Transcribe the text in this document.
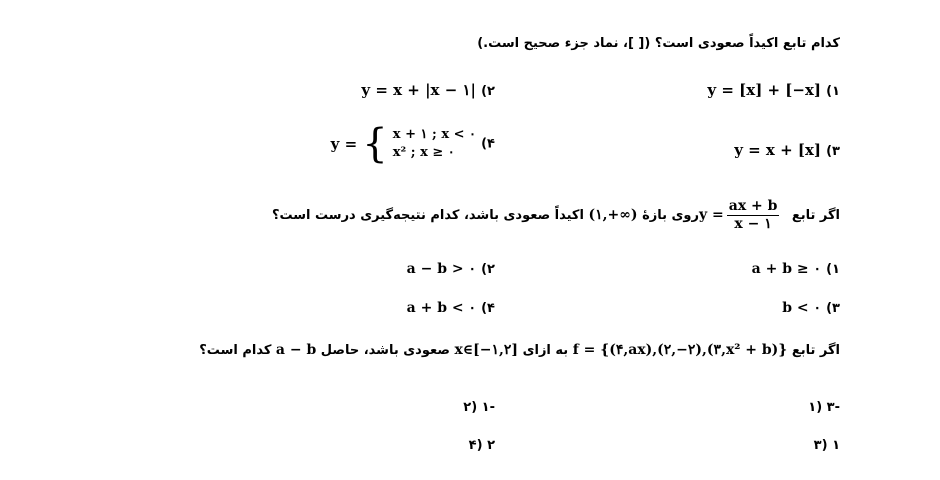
کدام تابع اکیداً صعودی است؟ ([ ]، نماد جزء صحیح است.)
y = [x] + [−x] (۱
y = x + |x − ۱| (۲
y = x + [x] (۳
y = { x + ۱ ; x < ۰
x² ; x ≥ ۰
(۴
اگر تابع $y = \frac{ax + b}{x - ۱}$
روی بازهٔ (۱,+∞) اکیداً صعودی باشد، کدام نتیجه‌گیری درست است؟
a + b ≥ ۰ (۱
a − b > ۰ (۲
b < ۰ (۳
a + b < ۰ (۴
اگر تابع f = {(۴,ax),(۲,−۲),(۳,x² + b)} به ازای x∈[−۱,۲] صعودی باشد، حاصل a − b کدام است؟
-۳ (۱
-۱ (۲
۱ (۳
۲ (۴
